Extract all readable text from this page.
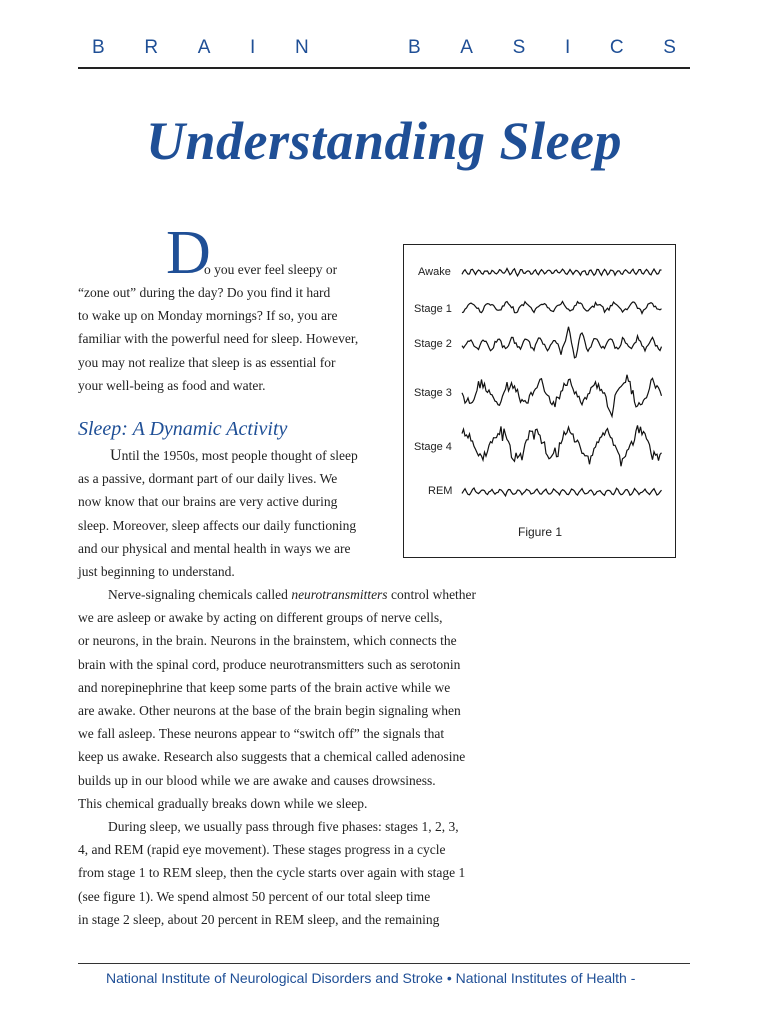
B R A I N	B A S I C S
Understanding Sleep
D
o you ever feel sleepy or
“zone out” during the day? Do you find it hard
to wake up on Monday mornings? If so, you are
familiar with the powerful need for sleep. However,
you may not realize that sleep is as essential for
your well-being as food and water.
Sleep: A Dynamic Activity
Until the 1950s, most people thought of sleep
as a passive, dormant part of our daily lives. We
now know that our brains are very active during
sleep. Moreover, sleep affects our daily functioning
and our physical and mental health in ways we are
just beginning to understand.
Nerve-signaling chemicals called neurotransmitters control whether
we are asleep or awake by acting on different groups of nerve cells,
or neurons, in the brain. Neurons in the brainstem, which connects the
brain with the spinal cord, produce neurotransmitters such as serotonin
and norepinephrine that keep some parts of the brain active while we
are awake. Other neurons at the base of the brain begin signaling when
we fall asleep. These neurons appear to “switch off” the signals that
keep us awake. Research also suggests that a chemical called adenosine
builds up in our blood while we are awake and causes drowsiness.
This chemical gradually breaks down while we sleep.
During sleep, we usually pass through five phases: stages 1, 2, 3,
4, and REM (rapid eye movement). These stages progress in a cycle
from stage 1 to REM sleep, then the cycle starts over again with stage 1
(see figure 1). We spend almost 50 percent of our total sleep time
in stage 2 sleep, about 20 percent in REM sleep, and the remaining
Awake
Stage 1
Stage 2
Stage 3
Stage 4
REM
Figure 1
National Institute of Neurological Disorders and Stroke • National Institutes of Health -
